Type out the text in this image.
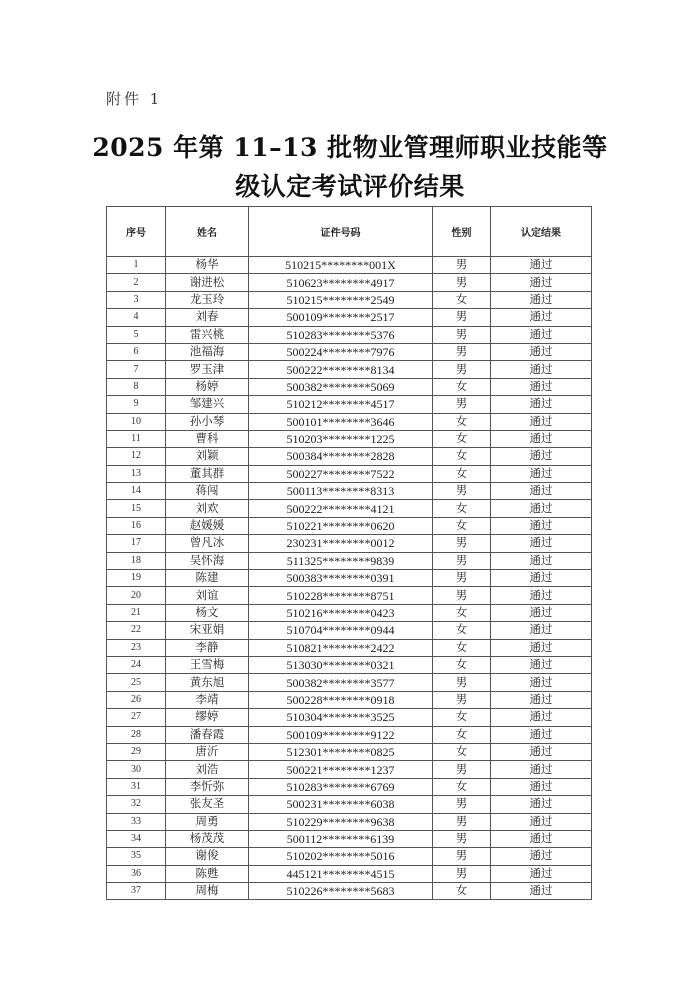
附件 1
2025 年第 11–13 批物业管理师职业技能等
级认定考试评价结果
序号	姓名	证件号码	性别	认定结果
1	杨华	510215********001X	男	通过
2	谢进松	510623********4917	男	通过
3	龙玉玲	510215********2549	女	通过
4	刘春	500109********2517	男	通过
5	雷兴桃	510283********5376	男	通过
6	池福海	500224********7976	男	通过
7	罗玉津	500222********8134	男	通过
8	杨婷	500382********5069	女	通过
9	邹建兴	510212********4517	男	通过
10	孙小琴	500101********3646	女	通过
11	曹科	510203********1225	女	通过
12	刘颖	500384********2828	女	通过
13	董其群	500227********7522	女	通过
14	蒋闯	500113********8313	男	通过
15	刘欢	500222********4121	女	通过
16	赵媛媛	510221********0620	女	通过
17	曾凡冰	230231********0012	男	通过
18	吴怀海	511325********9839	男	通过
19	陈建	500383********0391	男	通过
20	刘谊	510228********8751	男	通过
21	杨文	510216********0423	女	通过
22	宋亚娟	510704********0944	女	通过
23	李静	510821********2422	女	通过
24	王雪梅	513030********0321	女	通过
25	黄东旭	500382********3577	男	通过
26	李靖	500228********0918	男	通过
27	缪婷	510304********3525	女	通过
28	潘春霞	500109********9122	女	通过
29	唐沂	512301********0825	女	通过
30	刘浩	500221********1237	男	通过
31	李忻弥	510283********6769	女	通过
32	张友圣	500231********6038	男	通过
33	周勇	510229********9638	男	通过
34	杨茂茂	500112********6139	男	通过
35	谢俊	510202********5016	男	通过
36	陈甦	445121********4515	男	通过
37	周梅	510226********5683	女	通过
